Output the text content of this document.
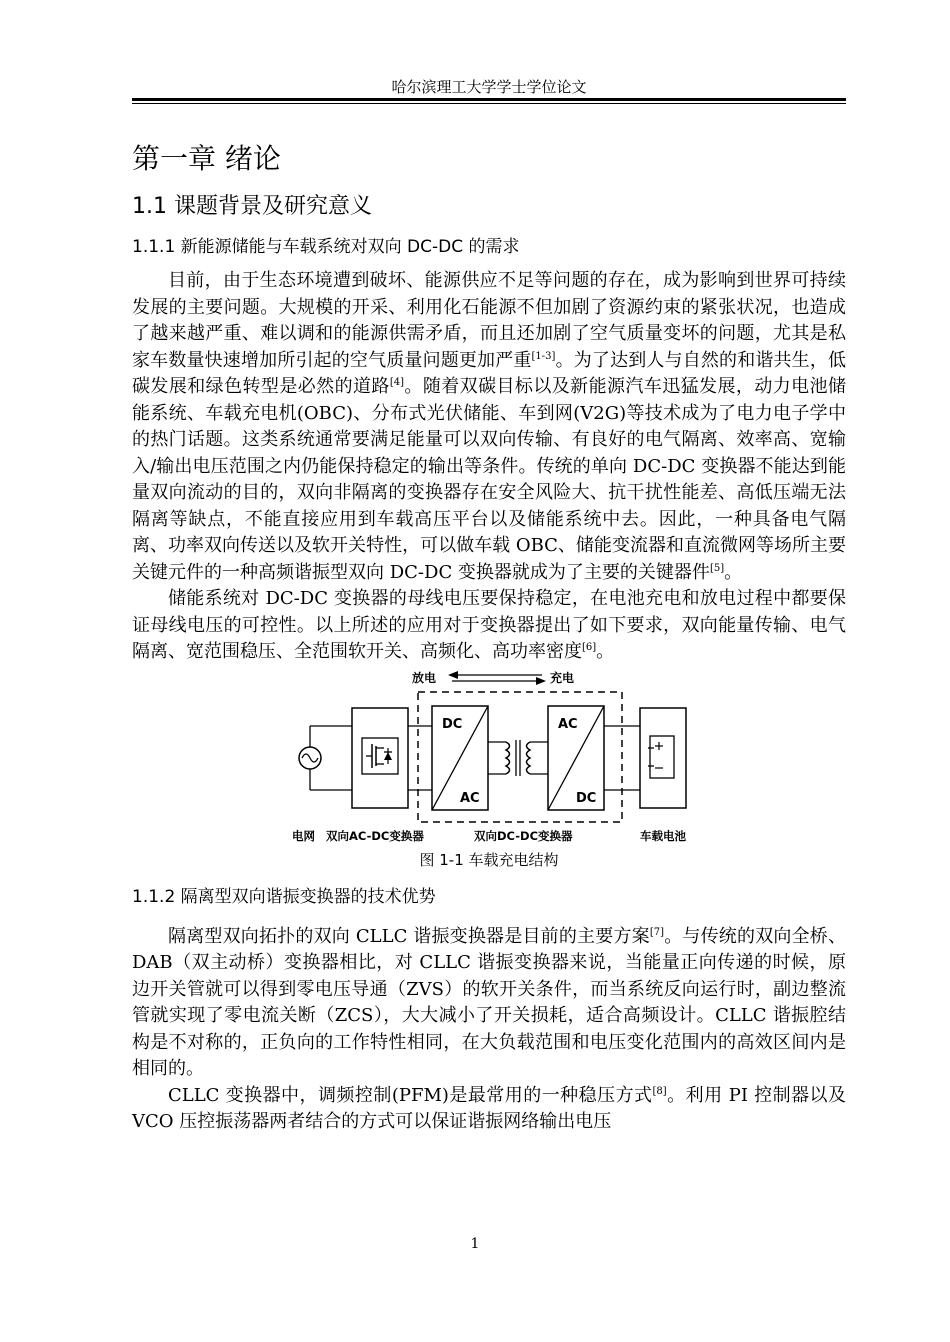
哈尔滨理工大学学士学位论文
第一章 绪论
1.1 课题背景及研究意义
1.1.1 新能源储能与车载系统对双向 DC-DC 的需求

目前，由于生态环境遭到破坏、能源供应不足等问题的存在，成为影响到世界可持续发展的主要问题。大规模的开采、利用化石能源不但加剧了资源约束的紧张状况，也造成了越来越严重、难以调和的能源供需矛盾，而且还加剧了空气质量变坏的问题，尤其是私家车数量快速增加所引起的空气质量问题更加严重[1-3]。为了达到人与自然的和谐共生，低碳发展和绿色转型是必然的道路[4]。随着双碳目标以及新能源汽车迅猛发展，动力电池储能系统、车载充电机(OBC)、分布式光伏储能、车到网(V2G)等技术成为了电力电子学中的热门话题。这类系统通常要满足能量可以双向传输、有良好的电气隔离、效率高、宽输入/输出电压范围之内仍能保持稳定的输出等条件。传统的单向 DC-DC 变换器不能达到能量双向流动的目的，双向非隔离的变换器存在安全风险大、抗干扰性能差、高低压端无法隔离等缺点，不能直接应用到车载高压平台以及储能系统中去。因此，一种具备电气隔离、功率双向传送以及软开关特性，可以做车载 OBC、储能变流器和直流微网等场所主要关键元件的一种高频谐振型双向 DC-DC 变换器就成为了主要的关键器件[5]。

储能系统对 DC-DC 变换器的母线电压要保持稳定，在电池充电和放电过程中都要保证母线电压的可控性。以上所述的应用对于变换器提出了如下要求，双向能量传输、电气隔离、宽范围稳压、全范围软开关、高频化、高功率密度[6]。

放电	充电
DC
AC
AC
DC
电网 双向AC-DC变换器	双向DC-DC变换器	车载电池
图 1-1 车载充电结构
1.1.2 隔离型双向谐振变换器的技术优势

隔离型双向拓扑的双向 CLLC 谐振变换器是目前的主要方案[7]。与传统的双向全桥、DAB（双主动桥）变换器相比，对 CLLC 谐振变换器来说，当能量正向传递的时候，原边开关管就可以得到零电压导通（ZVS）的软开关条件，而当系统反向运行时，副边整流管就实现了零电流关断（ZCS），大大减小了开关损耗，适合高频设计。CLLC 谐振腔结构是不对称的，正负向的工作特性相同，在大负载范围和电压变化范围内的高效区间内是相同的。

CLLC 变换器中，调频控制(PFM)是最常用的一种稳压方式[8]。利用 PI 控制器以及 VCO 压控振荡器两者结合的方式可以保证谐振网络输出电压

1
